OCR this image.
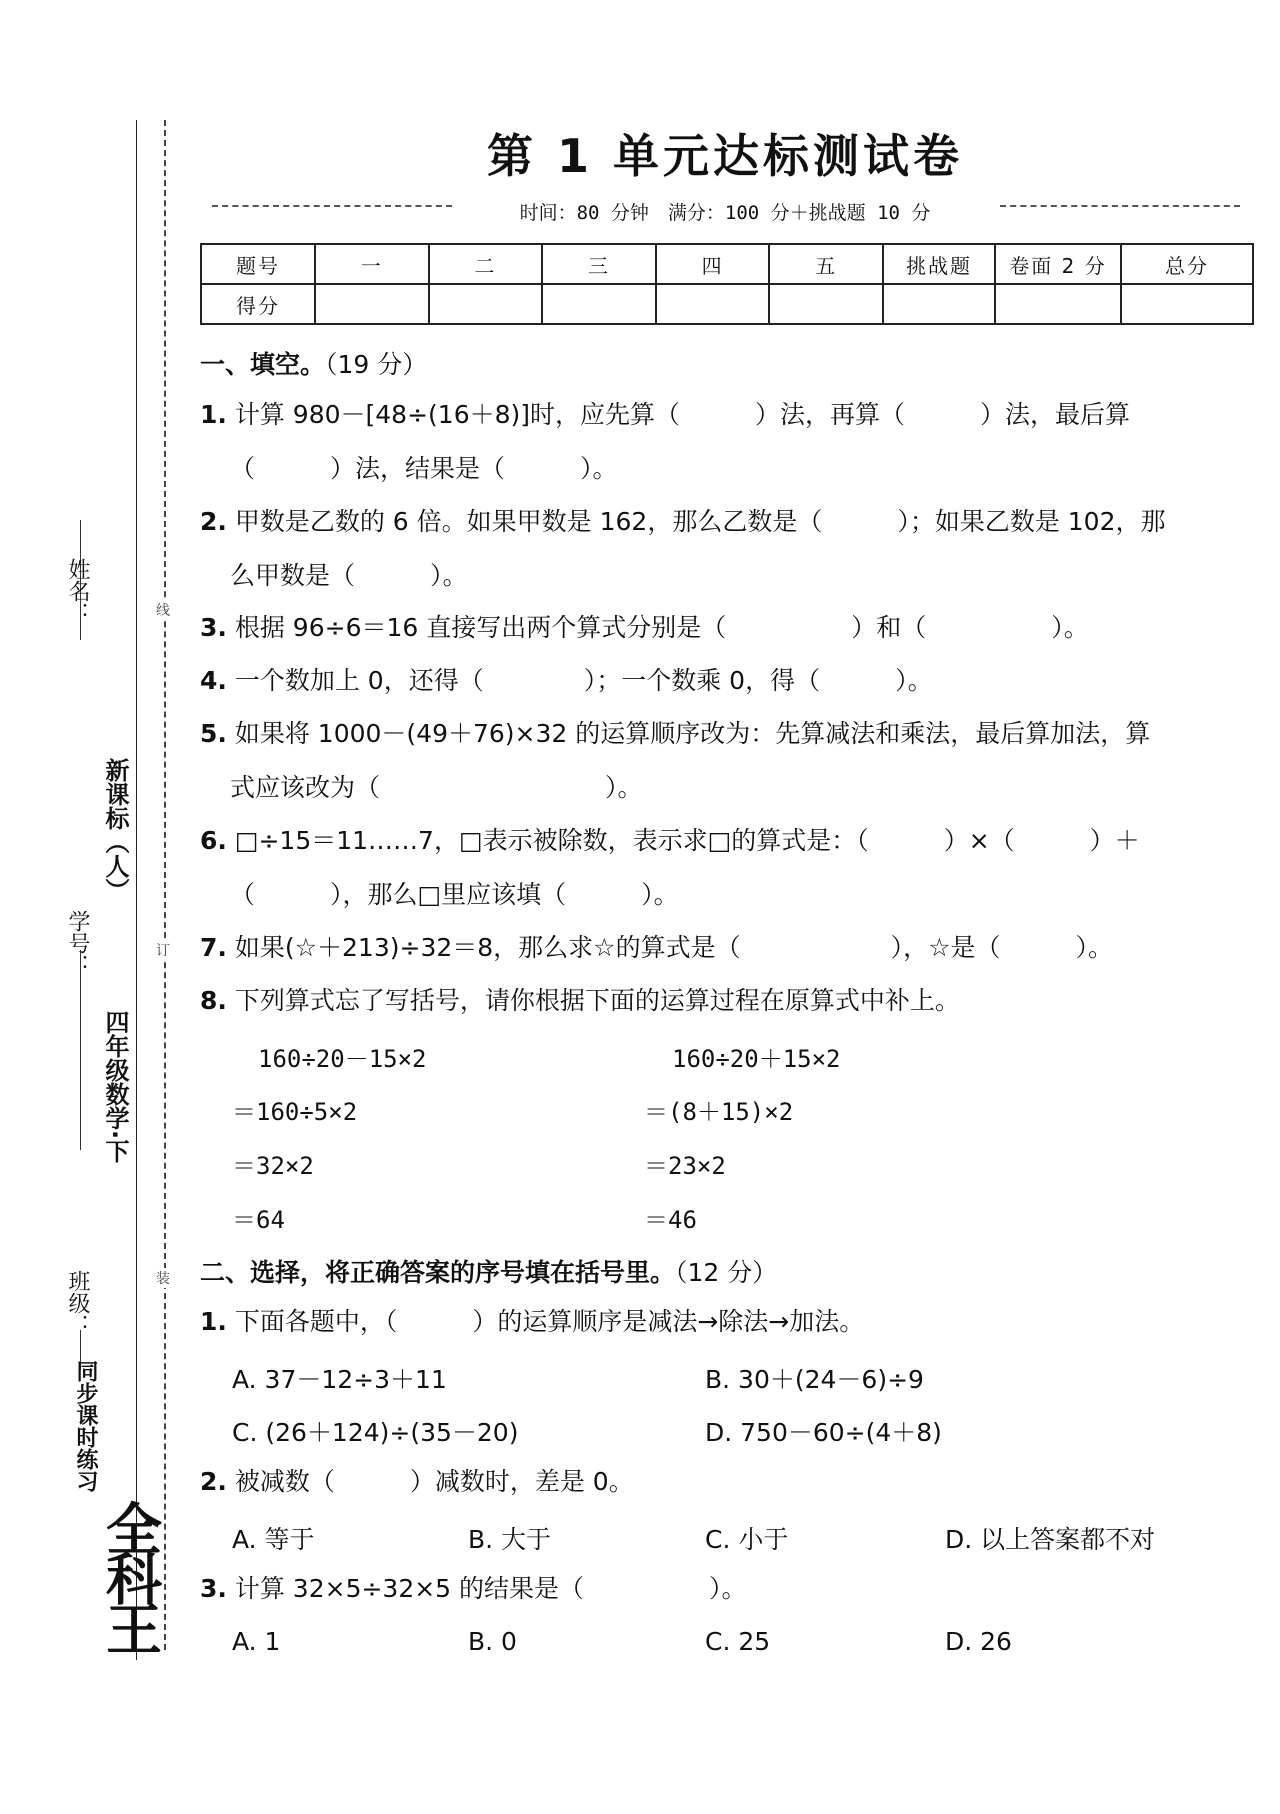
姓名：
学号：
班级：
新课标（人）
四年级数学·下
线
订
装
同步课时练习
全科王
第 1 单元达标测试卷
时间：80 分钟　满分：100 分＋挑战题 10 分
题号	一	二	三	四	五	挑战题	卷面 2 分	总分
得分								
一、填空。（19 分）
1. 计算 980－[48÷(16＋8)]时，应先算（　　　）法，再算（　　　）法，最后算
（　　　）法，结果是（　　　）。
2. 甲数是乙数的 6 倍。如果甲数是 162，那么乙数是（　　　）；如果乙数是 102，那
么甲数是（　　　）。
3. 根据 96÷6＝16 直接写出两个算式分别是（　　　　　）和（　　　　　）。
4. 一个数加上 0，还得（　　　　）；一个数乘 0，得（　　　）。
5. 如果将 1000－(49＋76)×32 的运算顺序改为：先算减法和乘法，最后算加法，算
式应该改为（　　　　　　　　　）。
6. □÷15＝11……7，□表示被除数，表示求□的算式是：（　　　）×（　　　）＋
（　　　），那么□里应该填（　　　）。
7. 如果(☆＋213)÷32＝8，那么求☆的算式是（　　　　　　），☆是（　　　）。
8. 下列算式忘了写括号，请你根据下面的运算过程在原算式中补上。
160÷20－15×2
＝160÷5×2
＝32×2
＝64
160÷20＋15×2
＝(8＋15)×2
＝23×2
＝46
二、选择，将正确答案的序号填在括号里。（12 分）
1. 下面各题中，（　　　）的运算顺序是减法→除法→加法。
A. 37－12÷3＋11	B. 30＋(24－6)÷9
C. (26＋124)÷(35－20)	D. 750－60÷(4＋8)
2. 被减数（　　　）减数时，差是 0。
A. 等于	B. 大于	C. 小于	D. 以上答案都不对
3. 计算 32×5÷32×5 的结果是（　　　　　）。
A. 1	B. 0	C. 25	D. 26
